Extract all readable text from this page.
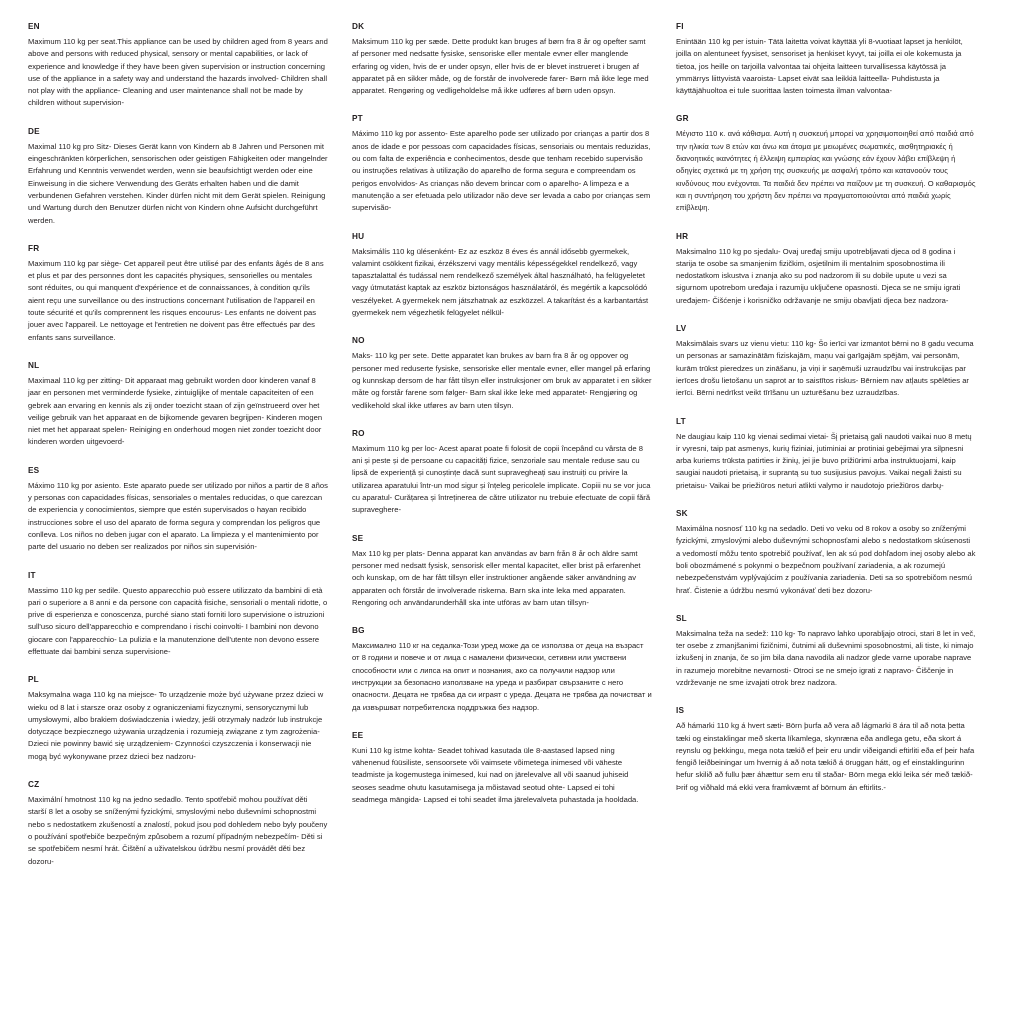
EN
Maximum 110 kg per seat.This appliance can be used by children aged from 8 years and above and persons with reduced physical, sensory or mental capabilities, or lack of experience and knowledge if they have been given supervision or instruction concerning use of the appliance in a safety way and understand the hazards involved- Children shall not play with the appliance- Cleaning and user maintenance shall not be made by children without supervision-
DE
Maximal 110 kg pro Sitz- Dieses Gerät kann von Kindern ab 8 Jahren und Personen mit eingeschränkten körperlichen, sensorischen oder geistigen Fähigkeiten oder mangelnder Erfahrung und Kenntnis verwendet werden, wenn sie beaufsichtigt werden oder eine Einweisung in die sichere Verwendung des Geräts erhalten haben und die damit verbundenen Gefahren verstehen. Kinder dürfen nicht mit dem Gerät spielen. Reinigung und Wartung durch den Benutzer dürfen nicht von Kindern ohne Aufsicht durchgeführt werden.
FR
Maximum 110 kg par siège- Cet appareil peut être utilisé par des enfants âgés de 8 ans et plus et par des personnes dont les capacités physiques, sensorielles ou mentales sont réduites, ou qui manquent d'expérience et de connaissances, à condition qu'ils aient reçu une surveillance ou des instructions concernant l'utilisation de l'appareil en toute sécurité et qu'ils comprennent les risques encourus- Les enfants ne doivent pas jouer avec l'appareil. Le nettoyage et l'entretien ne doivent pas être effectués par des enfants sans surveillance.
NL
Maximaal 110 kg per zitting- Dit apparaat mag gebruikt worden door kinderen vanaf 8 jaar en personen met verminderde fysieke, zintuiglijke of mentale capaciteiten of een gebrek aan ervaring en kennis als zij onder toezicht staan of zijn geïnstrueerd over het veilige gebruik van het apparaat en de bijkomende gevaren begrijpen- Kinderen mogen niet met het apparaat spelen- Reiniging en onderhoud mogen niet zonder toezicht door kinderen worden uitgevoerd-
ES
Máximo 110 kg por asiento. Este aparato puede ser utilizado por niños a partir de 8 años y personas con capacidades físicas, sensoriales o mentales reducidas, o que carezcan de experiencia y conocimientos, siempre que estén supervisados o hayan recibido instrucciones sobre el uso del aparato de forma segura y comprendan los peligros que conlleva. Los niños no deben jugar con el aparato. La limpieza y el mantenimiento por parte del usuario no deben ser realizados por niños sin supervisión-
IT
Massimo 110 kg per sedile. Questo apparecchio può essere utilizzato da bambini di età pari o superiore a 8 anni e da persone con capacità fisiche, sensoriali o mentali ridotte, o prive di esperienza e conoscenza, purché siano stati forniti loro supervisione o istruzioni sull'uso sicuro dell'apparecchio e comprendano i rischi coinvolti- I bambini non devono giocare con l'apparecchio- La pulizia e la manutenzione dell'utente non devono essere effettuate dai bambini senza supervisione-
PL
Maksymalna waga 110 kg na miejsce- To urządzenie może być używane przez dzieci w wieku od 8 lat i starsze oraz osoby z ograniczeniami fizycznymi, sensorycznymi lub umysłowymi, albo brakiem doświadczenia i wiedzy, jeśli otrzymały nadzór lub instrukcje dotyczące bezpiecznego używania urządzenia i rozumieją związane z tym zagrożenia- Dzieci nie powinny bawić się urządzeniem- Czynności czyszczenia i konserwacji nie mogą być wykonywane przez dzieci bez nadzoru-
CZ
Maximální hmotnost 110 kg na jedno sedadlo. Tento spotřebič mohou používat děti starší 8 let a osoby se sníženými fyzickými, smyslovými nebo duševními schopnostmi nebo s nedostatkem zkušeností a znalostí, pokud jsou pod dohledem nebo byly poučeny o používání spotřebiče bezpečným způsobem a rozumí případným nebezpečím- Děti si se spotřebičem nesmí hrát. Čištění a uživatelskou údržbu nesmí provádět děti bez dozoru-
DK
Maksimum 110 kg per sæde. Dette produkt kan bruges af børn fra 8 år og opefter samt af personer med nedsatte fysiske, sensoriske eller mentale evner eller manglende erfaring og viden, hvis de er under opsyn, eller hvis de er blevet instrueret i brugen af apparatet på en sikker måde, og de forstår de involverede farer- Børn må ikke lege med apparatet. Rengøring og vedligeholdelse må ikke udføres af børn uden opsyn.
PT
Máximo 110 kg por assento- Este aparelho pode ser utilizado por crianças a partir dos 8 anos de idade e por pessoas com capacidades físicas, sensoriais ou mentais reduzidas, ou com falta de experiência e conhecimentos, desde que tenham recebido supervisão ou instruções relativas à utilização do aparelho de forma segura e compreendam os perigos envolvidos- As crianças não devem brincar com o aparelho- A limpeza e a manutenção a ser efetuada pelo utilizador não deve ser levada a cabo por crianças sem supervisão-
HU
Maksimálís 110 kg ülésenként- Ez az eszköz 8 éves és annál idősebb gyermekek, valamint csökkent fizikai, érzékszervi vagy mentális képességekkel rendelkező, vagy tapasztalattal és tudással nem rendelkező személyek által használható, ha felügyeletet vagy útmutatást kaptak az eszköz biztonságos használatáról, és megértik a kapcsolódó veszélyeket. A gyermekek nem játszhatnak az eszközzel. A takarítást és a karbantartást gyermekek nem végezhetik felügyelet nélkül-
NO
Maks- 110 kg per sete. Dette apparatet kan brukes av barn fra 8 år og oppover og personer med reduserte fysiske, sensoriske eller mentale evner, eller mangel på erfaring og kunnskap dersom de har fått tilsyn eller instruksjoner om bruk av apparatet i en sikker måte og forstår farene som følger- Barn skal ikke leke med apparatet- Rengjøring og vedlikehold skal ikke utføres av barn uten tilsyn.
RO
Maximum 110 kg per loc- Acest aparat poate fi folosit de copii începând cu vârsta de 8 ani și peste și de persoane cu capacități fizice, senzoriale sau mentale reduse sau cu lipsă de experiență și cunoștințe dacă sunt supravegheați sau instruiți cu privire la utilizarea aparatului într-un mod sigur și înțeleg pericolele implicate. Copiii nu se vor juca cu aparatul- Curățarea și întreținerea de către utilizator nu trebuie efectuate de copii fără supraveghere-
SE
Max 110 kg per plats- Denna apparat kan användas av barn från 8 år och äldre samt personer med nedsatt fysisk, sensorisk eller mental kapacitet, eller brist på erfarenhet och kunskap, om de har fått tillsyn eller instruktioner angående säker användning av apparaten och förstår de involverade riskerna. Barn ska inte leka med apparaten. Rengoring och användarunderhåll ska inte utföras av barn utan tillsyn-
BG
Максимално 110 кг на седалка-Този уред може да се използва от деца на възраст от 8 години и повече и от лица с намалени физически, сетивни или умствени способности или с липса на опит и познания, ако са получили надзор или инструкции за безопасно използване на уреда и разбират свързаните с него опасности. Децата не трябва да си играят с уреда. Децата не трябва да почистват и да извършват потребителска поддръжка без надзор.
EE
Kuni 110 kg istme kohta- Seadet tohivad kasutada üle 8-aastased lapsed ning vähenenud füüsiliste, sensoorsete või vaimsete võimetega inimesed või väheste teadmiste ja kogemustega inimesed, kui nad on järelevalve all või saanud juhiseid seoses seadme ohutu kasutamisega ja mõistavad seotud ohte- Lapsed ei tohi seadmega mängida- Lapsed ei tohi seadet ilma järelevalveta puhastada ja hooldada.
FI
Enintään 110 kg per istuin- Tätä laitetta voivat käyttää yli 8-vuotiaat lapset ja henkilöt, joilla on alentuneet fyysiset, sensoriset ja henkiset kyvyt, tai joilla ei ole kokemusta ja tietoa, jos heille on tarjoilla valvontaa tai ohjeita laitteen turvallisessa käytössä ja ymmärrys liittyvistä vaaroista- Lapset eivät saa leikkiä laitteella- Puhdistusta ja käyttäjähuoltoa ei tule suorittaa lasten toimesta ilman valvontaa-
GR
Μέγιστο 110 κ. ανά κάθισμα. Αυτή η συσκευή μπορεί να χρησιμοποιηθεί από παιδιά από την ηλικία των 8 ετών και άνω και άτομα με μειωμένες σωματικές, αισθητηριακές ή διανοητικές ικανότητες ή έλλειψη εμπειρίας και γνώσης εάν έχουν λάβει επίβλεψη ή οδηγίες σχετικά με τη χρήση της συσκευής με ασφαλή τρόπο και κατανοούν τους κινδύνους που ενέχονται. Τα παιδιά δεν πρέπει να παίζουν με τη συσκευή. Ο καθαρισμός και η συντήρηση του χρήστη δεν πρέπει να πραγματοποιούνται από παιδιά χωρίς επίβλεψη.
HR
Maksimalno 110 kg po sjedalu- Ovaj uređaj smiju upotrebljavati djeca od 8 godina i starija te osobe sa smanjenim fizičkim, osjetilnim ili mentalnim sposobnostima ili nedostatkom iskustva i znanja ako su pod nadzorom ili su dobile upute u vezi sa sigurnom upotrebom uređaja i razumiju uključene opasnosti. Djeca se ne smiju igrati uređajem- Čišćenje i korisničko održavanje ne smiju obavljati djeca bez nadzora-
LV
Maksimālais svars uz vienu vietu: 110 kg- Šo ierīci var izmantot bērni no 8 gadu vecuma un personas ar samazinātām fiziskajām, maņu vai garīgajām spējām, vai personām, kurām trūkst pieredzes un zināšanu, ja viņi ir saņēmuši uzraudzību vai instrukcijas par ierīces drošu lietošanu un saprot ar to saistītos riskus- Bērniem nav atļauts spēlēties ar ierīci. Bērni nedrīkst veikt tīrīšanu un uzturēšanu bez uzraudzības.
LT
Ne daugiau kaip 110 kg vienai sedimai vietai- Šį prietaisą gali naudoti vaikai nuo 8 metų ir vyresni, taip pat asmenys, kurių fiziniai, jutiminiai ar protiniai gebėjimai yra silpnesni arba kuriems trūksta patirties ir žinių, jei jie buvo prižiūrimi arba instruktuojami, kaip saugiai naudoti prietaisą, ir suprantą su tuo susijusius pavojus. Vaikai negali žaisti su prietaisu- Vaikai be priežiūros neturi atlikti valymo ir naudotojo priežiūros darbų-
SK
Maximálna nosnosť 110 kg na sedadlo. Deti vo veku od 8 rokov a osoby so zníženými fyzickými, zmyslovými alebo duševnými schopnosťami alebo s nedostatkom skúsenosti a vedomostí môžu tento spotrebič používať, len ak sú pod dohľadom inej osoby alebo ak boli obozmámené s pokynmi o bezpečnom používaní zariadenia, a ak rozumejú nebezpečenstvám vyplývajúcim z používania zariadenia. Deti sa so spotrebičom nesmú hrať. Čistenie a údržbu nesmú vykonávať deti bez dozoru-
SL
Maksimalna teža na sedež: 110 kg- To napravo lahko uporabljajo otroci, stari 8 let in več, ter osebe z zmanjšanimi fizičnimi, čutnimi ali duševnimi sposobnostmi, ali tiste, ki nimajo izkušenj in znanja, če so jim bila dana navodila ali nadzor glede varne uporabe naprave in razumejo morebitne nevarnosti- Otroci se ne smejo igrati z napravo- Čiščenje in vzdrževanje ne sme izvajati otrok brez nadzora.
IS
Að hámarki 110 kg á hvert sæti- Börn þurfa að vera að lágmarki 8 ára til að nota þetta tæki og einstaklingar með skerta líkamlega, skynræna eða andlega getu, eða skort á reynslu og þekkingu, mega nota tækið ef þeir eru undir viðeigandi eftirliti eða ef þeir hafa fengið leiðbeiningar um hvernig á að nota tækið á öruggan hátt, og ef einstaklingurinn hefur skilið að fullu þær áhættur sem eru til staðar- Börn mega ekki leika sér með tækið- Þrif og viðhald má ekki vera framkvæmt af börnum án eftirlits.-
